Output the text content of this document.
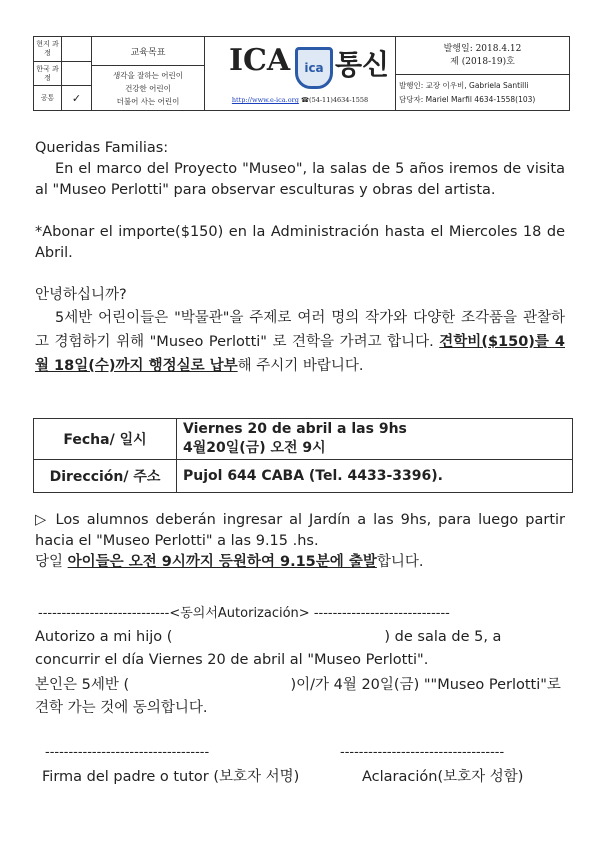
현지 과정
한국 과정
공통	✓
교육목표
생각을 잘하는 어린이
건강한 어린이
더불어 사는 어린이
ICA	ica 통신
http://www.e-ica.org ☎(54-11)4634-1558
발행일: 2018.4.12
제 (2018-19)호
발행인: 교장 이우비, Gabriela Santilli
담당자: Mariel Marfil 4634-1558(103)
Queridas Familias:
En el marco del Proyecto "Museo", la salas de 5 años iremos de visita al "Museo Perlotti" para observar esculturas y obras del artista.
*Abonar el importe($150) en la Administración hasta el Miercoles 18 de Abril.
안녕하십니까?
5세반 어린이들은 "박물관"을 주제로 여러 명의 작가와 다양한 조각품을 관찰하고 경험하기 위해 "Museo Perlotti" 로 견학을 가려고 합니다. 견학비($150)를 4월 18일(수)까지 행정실로 납부해 주시기 바랍니다.
Fecha/ 일시	Viernes 20 de abril a las 9hs
4월20일(금) 오전 9시

Dirección/ 주소	Pujol 644 CABA (Tel. 4433-3396).
▷ Los alumnos deberán ingresar al Jardín a las 9hs, para luego partir hacia el "Museo Perlotti" a las 9.15 .hs.
당일 아이들은 오전 9시까지 등원하여 9.15분에 출발합니다.
----------------------------<동의서Autorización> -----------------------------
Autorizo a mi hijo (                                              ) de sala de 5, a
concurrir el día Viernes 20 de abril al "Museo Perlotti".
본인은 5세반 (                                   )이/가 4월 20일(금) ""Museo Perlotti"로
견학 가는 것에 동의합니다.
-----------------------------------	-----------------------------------
Firma del padre o tutor (보호자 서명)	Aclaración(보호자 성함)
